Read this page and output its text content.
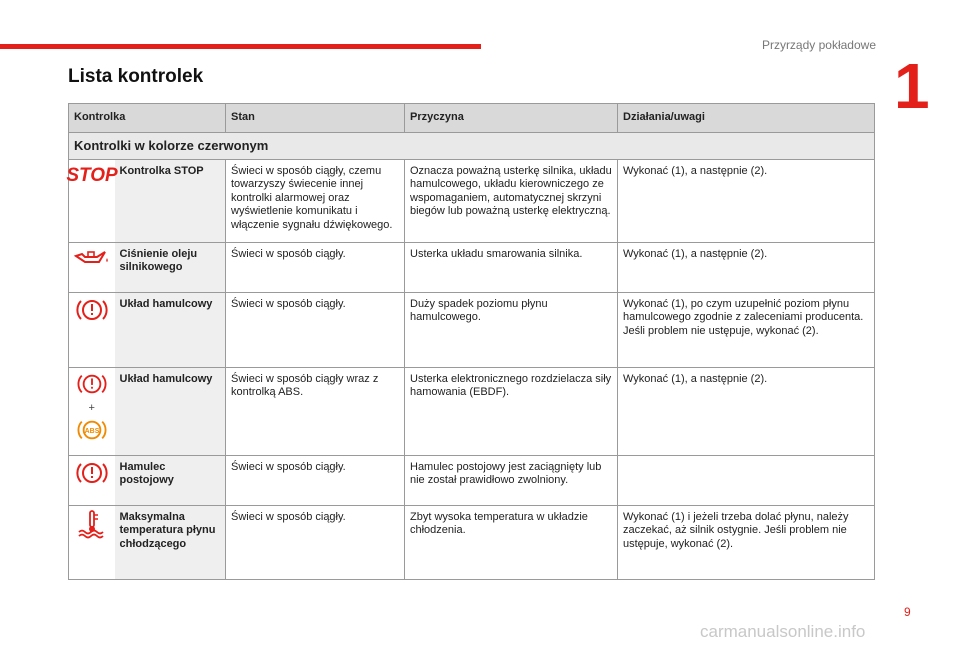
Przyrządy pokładowe
1
Lista kontrolek
Kontrolka		Stan	Przyczyna	Działania/uwagi
Kontrolki w kolorze czerwonym				

STOP	Kontrolka STOP	Świeci w sposób ciągły, czemu towarzyszy świecenie innej kontrolki alarmowej oraz wyświetlenie komunikatu i włączenie sygnału dźwiękowego.	Oznacza poważną usterkę silnika, układu hamulcowego, układu kierowniczego ze wspomaganiem, automatycznej skrzyni biegów lub poważną usterkę elektryczną.	Wykonać (1), a następnie (2).
	Ciśnienie oleju silnikowego	Świeci w sposób ciągły.	Usterka układu smarowania silnika.	Wykonać (1), a następnie (2).
	Układ hamulcowy	Świeci w sposób ciągły.	Duży spadek poziomu płynu hamulcowego.	Wykonać (1), po czym uzupełnić poziom płynu hamulcowego zgodnie z zaleceniami producenta. Jeśli problem nie ustępuje, wykonać (2).

+
ABS	Układ hamulcowy	Świeci w sposób ciągły wraz z kontrolką ABS.	Usterka elektronicznego rozdzielacza siły hamowania (EBDF).	Wykonać (1), a następnie (2).
	Hamulec postojowy	Świeci w sposób ciągły.	Hamulec postojowy jest zaciągnięty lub nie został prawidłowo zwolniony.	
	Maksymalna temperatura płynu chłodzącego	Świeci w sposób ciągły.	Zbyt wysoka temperatura w układzie chłodzenia.	Wykonać (1) i jeżeli trzeba dolać płynu, należy zaczekać, aż silnik ostygnie. Jeśli problem nie ustępuje, wykonać (2).
9
carmanualsonline.info
